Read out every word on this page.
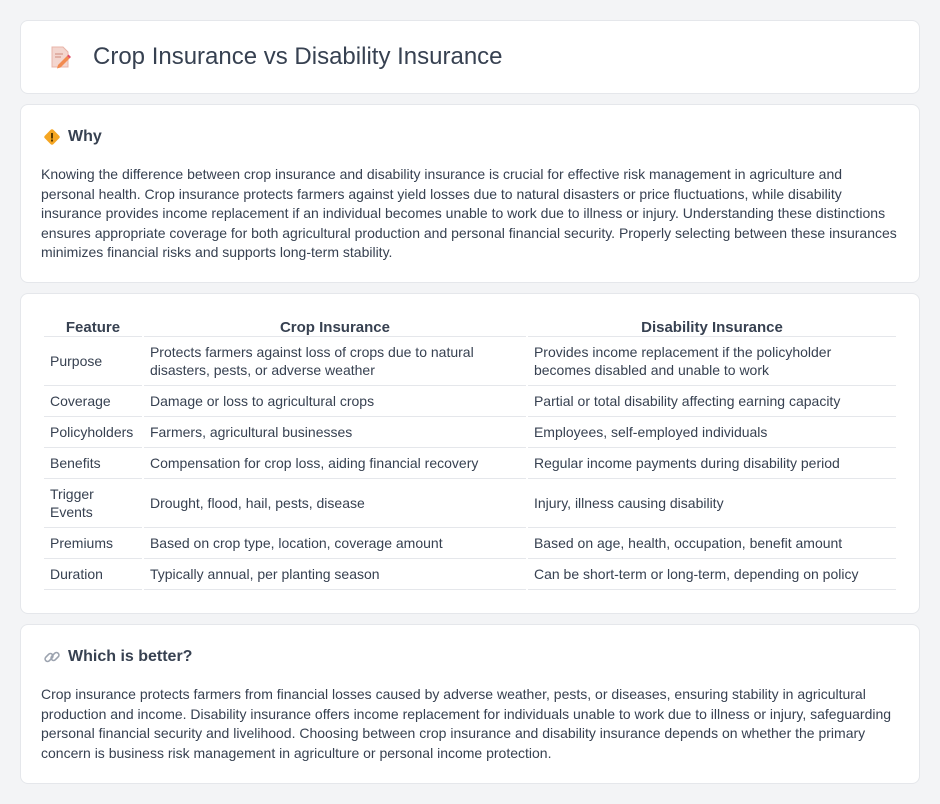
Crop Insurance vs Disability Insurance
Why

Knowing the difference between crop insurance and disability insurance is crucial for effective risk management in agriculture and personal health. Crop insurance protects farmers against yield losses due to natural disasters or price fluctuations, while disability insurance provides income replacement if an individual becomes unable to work due to illness or injury. Understanding these distinctions ensures appropriate coverage for both agricultural production and personal financial security. Properly selecting between these insurances minimizes financial risks and supports long-term stability.

Feature	Crop Insurance	Disability Insurance
Purpose	Protects farmers against loss of crops due to natural disasters, pests, or adverse weather	Provides income replacement if the policyholder becomes disabled and unable to work
Coverage	Damage or loss to agricultural crops	Partial or total disability affecting earning capacity
Policyholders	Farmers, agricultural businesses	Employees, self-employed individuals
Benefits	Compensation for crop loss, aiding financial recovery	Regular income payments during disability period
Trigger Events	Drought, flood, hail, pests, disease	Injury, illness causing disability
Premiums	Based on crop type, location, coverage amount	Based on age, health, occupation, benefit amount
Duration	Typically annual, per planting season	Can be short-term or long-term, depending on policy
Which is better?

Crop insurance protects farmers from financial losses caused by adverse weather, pests, or diseases, ensuring stability in agricultural production and income. Disability insurance offers income replacement for individuals unable to work due to illness or injury, safeguarding personal financial security and livelihood. Choosing between crop insurance and disability insurance depends on whether the primary concern is business risk management in agriculture or personal income protection.
